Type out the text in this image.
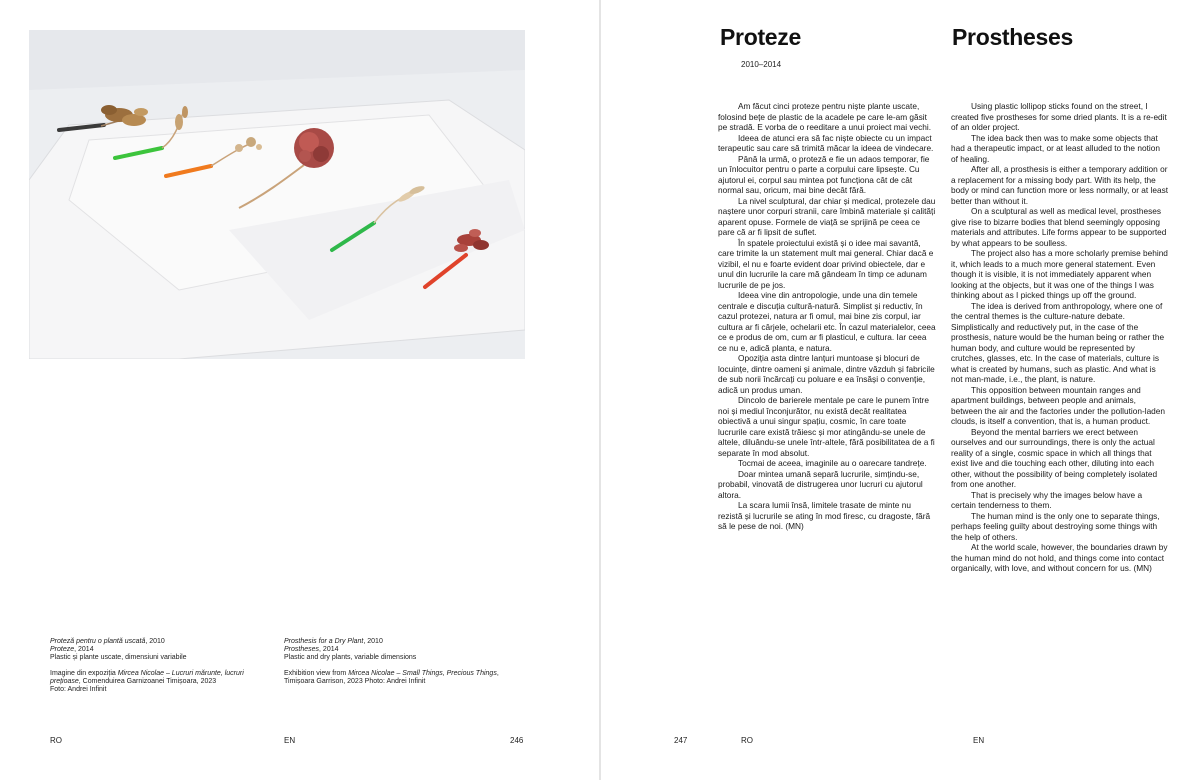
Proteză pentru o plantă uscată, 2010

Proteze, 2014

Plastic și plante uscate, dimensiuni variabile

Imagine din expoziția Mircea Nicolae – Lucruri mărunte, lucruri prețioase, Comenduirea Garnizoanei Timișoara, 2023

Foto: Andrei Infinit

Prosthesis for a Dry Plant, 2010

Prostheses, 2014

Plastic and dry plants, variable dimensions

Exhibition view from Mircea Nicolae – Small Things, Precious Things, Timișoara Garrison, 2023 Photo: Andrei Infinit

RO	EN	246
Proteze	Prostheses
2010–2014

Am făcut cinci proteze pentru niște plante uscate, folosind bețe de plastic de la acadele pe care le-am găsit pe stradă. E vorba de o reeditare a unui proiect mai vechi.

Ideea de atunci era să fac niște obiecte cu un impact terapeutic sau care să trimită măcar la ideea de vindecare.

Până la urmă, o proteză e fie un adaos temporar, fie un înlocuitor pentru o parte a corpului care lipsește. Cu ajutorul ei, corpul sau mintea pot funcționa cât de cât normal sau, oricum, mai bine decât fără.

La nivel sculptural, dar chiar și medical, protezele dau naștere unor corpuri stranii, care îmbină materiale și calități aparent opuse. Formele de viață se sprijină pe ceea ce pare că ar fi lipsit de suflet.

În spatele proiectului există și o idee mai savantă, care trimite la un statement mult mai general. Chiar dacă e vizibil, el nu e foarte evident doar privind obiectele, dar e unul din lucrurile la care mă gândeam în timp ce adunam lucrurile de pe jos.

Ideea vine din antropologie, unde una din temele centrale e discuția cultură-natură. Simplist și reductiv, în cazul protezei, natura ar fi omul, mai bine zis corpul, iar cultura ar fi cârjele, ochelarii etc. În cazul materialelor, ceea ce e produs de om, cum ar fi plasticul, e cultura. Iar ceea ce nu e, adică planta, e natura.

Opoziția asta dintre lanțuri muntoase și blocuri de locuințe, dintre oameni și animale, dintre văzduh și fabricile de sub norii încărcați cu poluare e ea însăși o convenție, adică un produs uman.

Dincolo de barierele mentale pe care le punem între noi și mediul înconjurător, nu există decât realitatea obiectivă a unui singur spațiu, cosmic, în care toate lucrurile care există trăiesc și mor atingându-se unele de altele, diluându-se unele într-altele, fără posibilitatea de a fi separate în mod absolut.

Tocmai de aceea, imaginile au o oarecare tandrețe.

Doar mintea umană separă lucrurile, simțindu-se, probabil, vinovată de distrugerea unor lucruri cu ajutorul altora.

La scara lumii însă, limitele trasate de minte nu rezistă și lucrurile se ating în mod firesc, cu dragoste, fără să le pese de noi. (MN)

Using plastic lollipop sticks found on the street, I created five prostheses for some dried plants. It is a re-edit of an older project.

The idea back then was to make some objects that had a therapeutic impact, or at least alluded to the notion of healing.

After all, a prosthesis is either a temporary addition or a replacement for a missing body part. With its help, the body or mind can function more or less normally, or at least better than without it.

On a sculptural as well as medical level, prostheses give rise to bizarre bodies that blend seemingly opposing materials and attributes. Life forms appear to be supported by what appears to be soulless.

The project also has a more scholarly premise behind it, which leads to a much more general statement. Even though it is visible, it is not immediately apparent when looking at the objects, but it was one of the things I was thinking about as I picked things up off the ground.

The idea is derived from anthropology, where one of the central themes is the culture-nature debate. Simplistically and reductively put, in the case of the prosthesis, nature would be the human being or rather the human body, and culture would be represented by crutches, glasses, etc. In the case of materials, culture is what is created by humans, such as plastic. And what is not man-made, i.e., the plant, is nature.

This opposition between mountain ranges and apartment buildings, between people and animals, between the air and the factories under the pollution-laden clouds, is itself a convention, that is, a human product.

Beyond the mental barriers we erect between ourselves and our surroundings, there is only the actual reality of a single, cosmic space in which all things that exist live and die touching each other, diluting into each other, without the possibility of being completely isolated from one another.

That is precisely why the images below have a certain tenderness to them.

The human mind is the only one to separate things, perhaps feeling guilty about destroying some things with the help of others.

At the world scale, however, the boundaries drawn by the human mind do not hold, and things come into contact organically, with love, and without concern for us. (MN)

247	RO	EN
